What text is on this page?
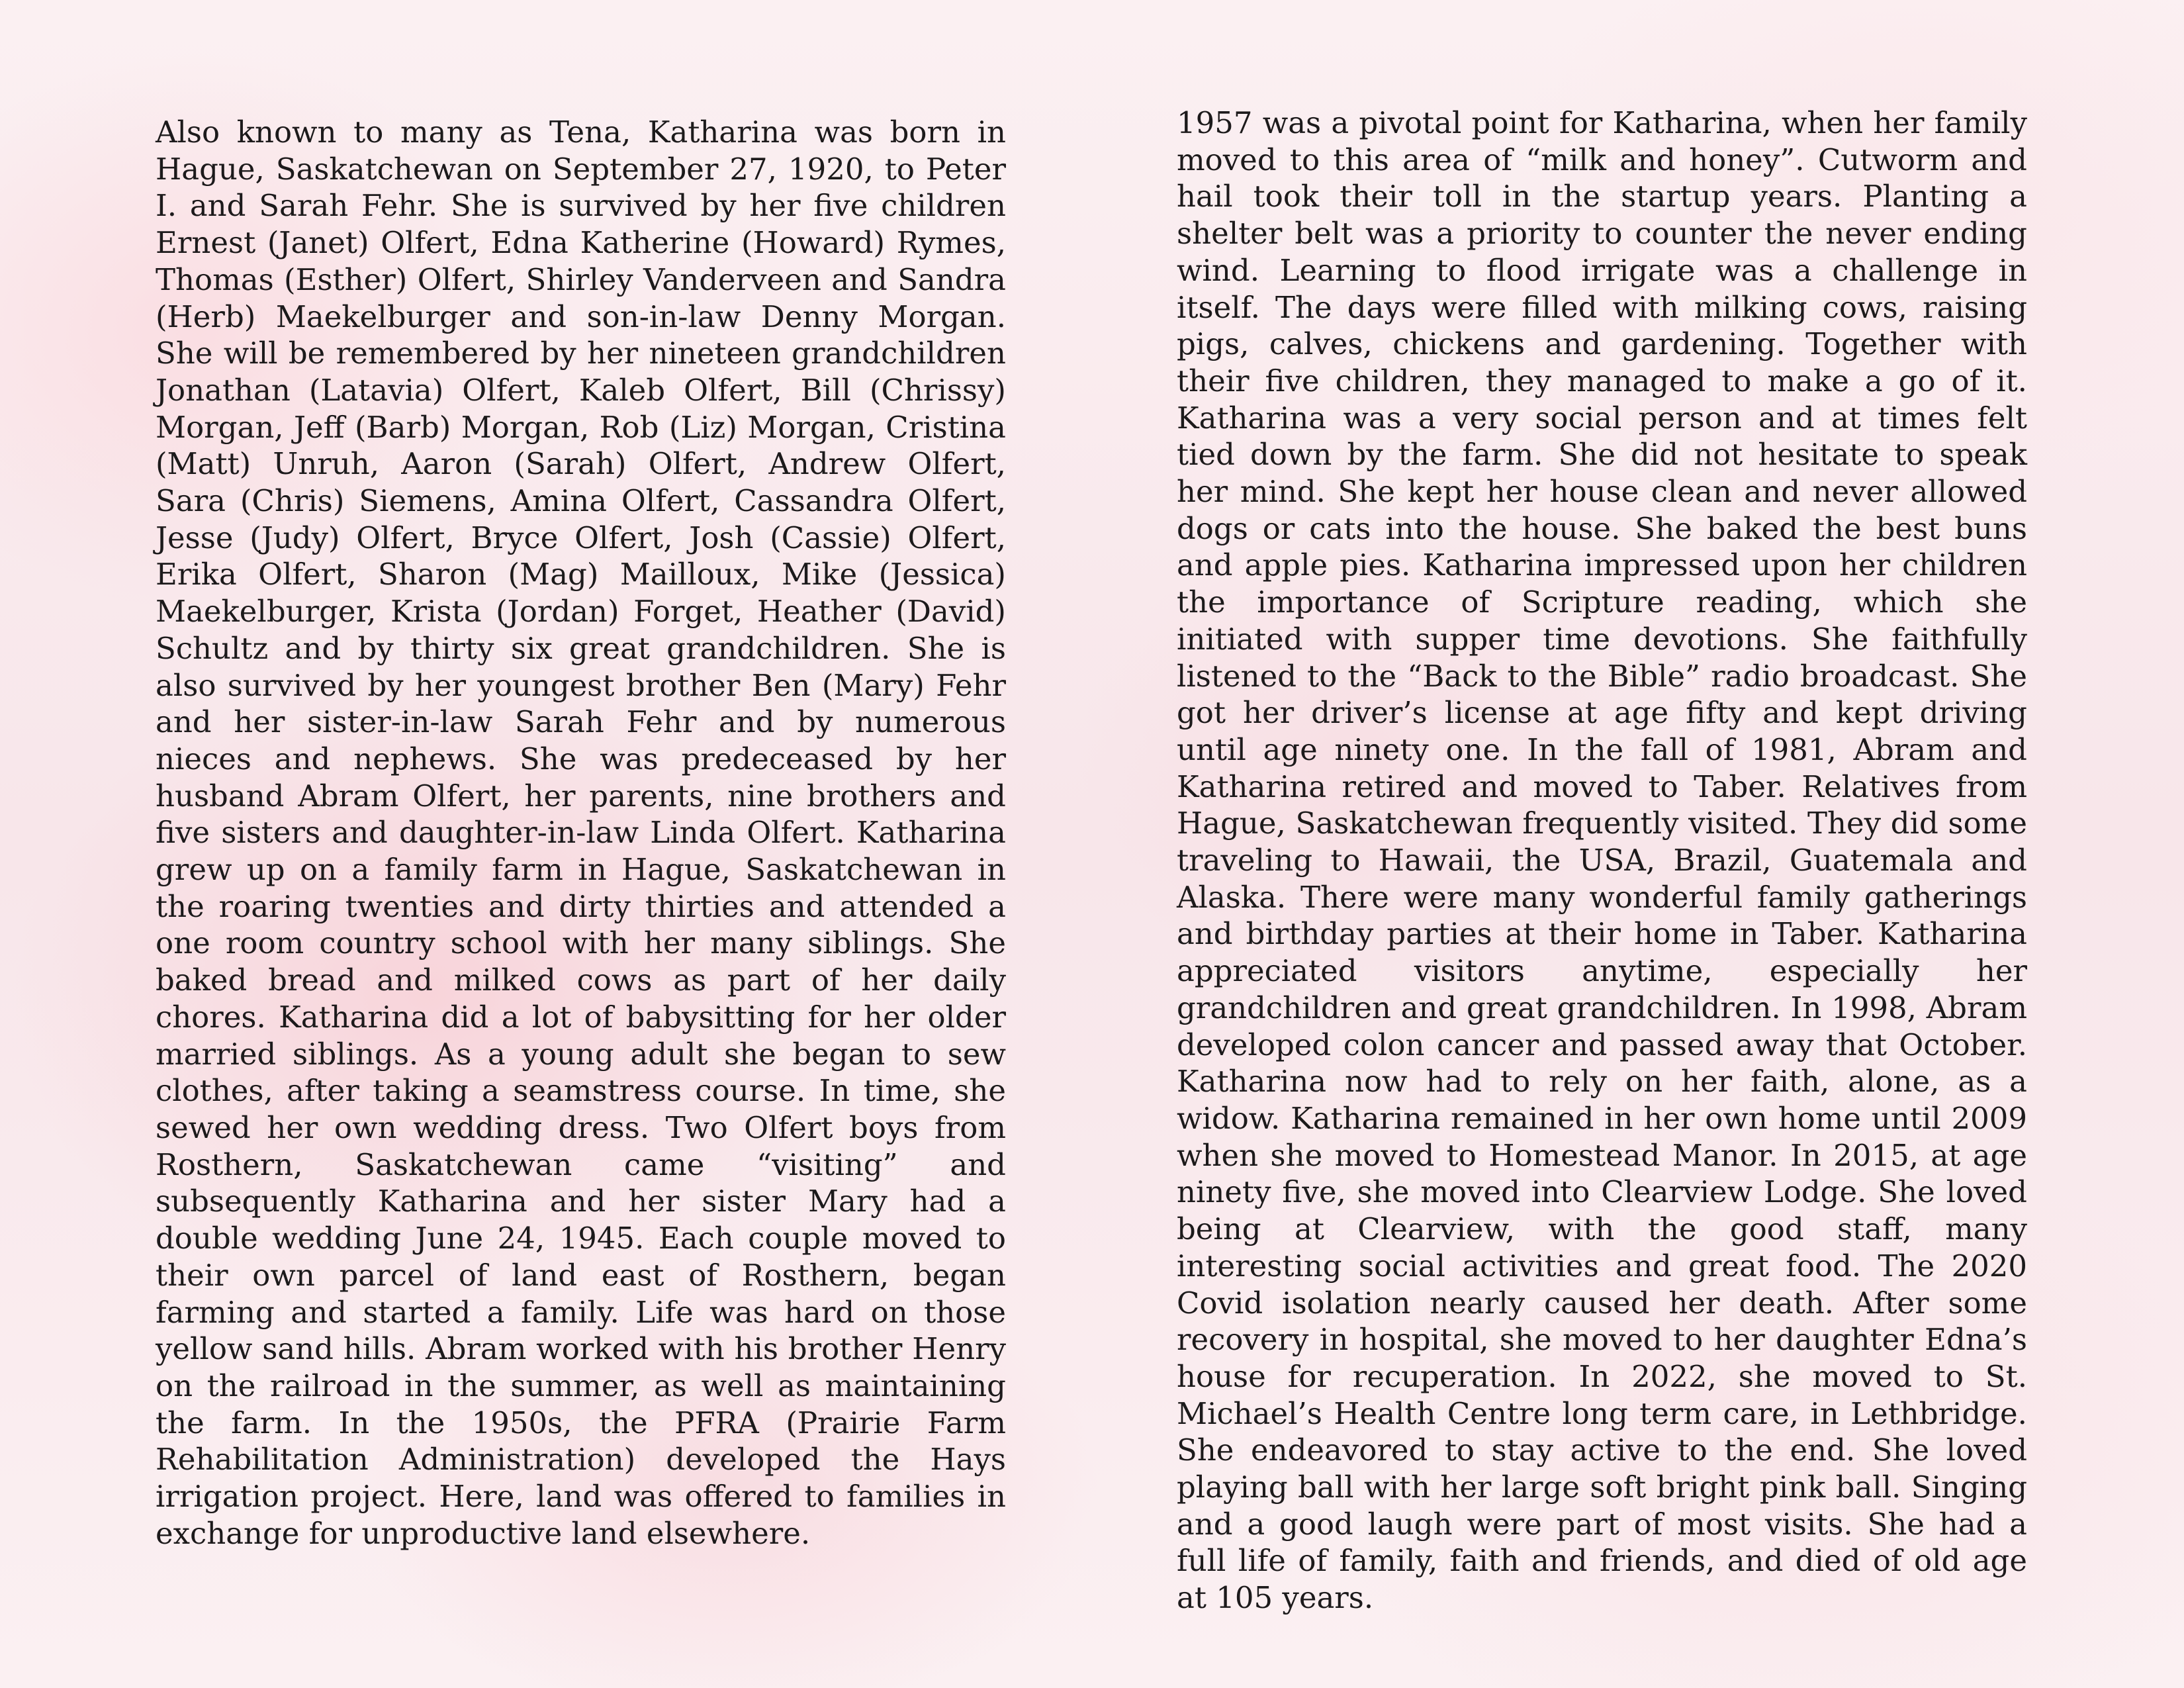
Also known to many as Tena, Katharina was born in Hague, Saskatchewan on September 27, 1920, to Peter I. and Sarah Fehr. She is survived by her five children Ernest (Janet) Olfert, Edna Katherine (Howard) Rymes, Thomas (Esther) Olfert, Shirley Vanderveen and Sandra (Herb) Maekelburger and son-in-law Denny Morgan. She will be remembered by her nineteen grandchildren Jonathan (Latavia) Olfert, Kaleb Olfert, Bill (Chrissy) Morgan, Jeff (Barb) Morgan, Rob (Liz) Morgan, Cristina (Matt) Unruh, Aaron (Sarah) Olfert, Andrew Olfert, Sara (Chris) Siemens, Amina Olfert, Cassandra Olfert, Jesse (Judy) Olfert, Bryce Olfert, Josh (Cassie) Olfert, Erika Olfert, Sharon (Mag) Mailloux, Mike (Jessica) Maekelburger, Krista (Jordan) Forget, Heather (David) Schultz and by thirty six great grandchildren. She is also survived by her youngest brother Ben (Mary) Fehr and her sister-in-law Sarah Fehr and by numerous nieces and nephews. She was predeceased by her husband Abram Olfert, her parents, nine brothers and five sisters and daughter-in-law Linda Olfert. Katharina grew up on a family farm in Hague, Saskatchewan in the roaring twenties and dirty thirties and attended a one room country school with her many siblings. She baked bread and milked cows as part of her daily chores. Katharina did a lot of babysitting for her older married siblings. As a young adult she began to sew clothes, after taking a seamstress course. In time, she sewed her own wedding dress. Two Olfert boys from Rosthern, Saskatchewan came “visiting” and subsequently Katharina and her sister Mary had a double wedding June 24, 1945. Each couple moved to their own parcel of land east of Rosthern, began farming and started a family. Life was hard on those yellow sand hills. Abram worked with his brother Henry on the railroad in the summer, as well as maintaining the farm. In the 1950s, the PFRA (Prairie Farm Rehabilitation Administration) developed the Hays irrigation project. Here, land was offered to families in exchange for unproductive land elsewhere.

1957 was a pivotal point for Katharina, when her family moved to this area of “milk and honey”. Cutworm and hail took their toll in the startup years. Planting a shelter belt was a priority to counter the never ending wind. Learning to flood irrigate was a challenge in itself. The days were filled with milking cows, raising pigs, calves, chickens and gardening. Together with their five children, they managed to make a go of it. Katharina was a very social person and at times felt tied down by the farm. She did not hesitate to speak her mind. She kept her house clean and never allowed dogs or cats into the house. She baked the best buns and apple pies. Katharina impressed upon her children the importance of Scripture reading, which she initiated with supper time devotions. She faithfully listened to the “Back to the Bible” radio broadcast. She got her driver’s license at age fifty and kept driving until age ninety one. In the fall of 1981, Abram and Katharina retired and moved to Taber. Relatives from Hague, Saskatchewan frequently visited. They did some traveling to Hawaii, the USA, Brazil, Guatemala and Alaska. There were many wonderful family gatherings and birthday parties at their home in Taber. Katharina appreciated visitors anytime, especially her grandchildren and great grandchildren. In 1998, Abram developed colon cancer and passed away that October. Katharina now had to rely on her faith, alone, as a widow. Katharina remained in her own home until 2009 when she moved to Homestead Manor. In 2015, at age ninety five, she moved into Clearview Lodge. She loved being at Clearview, with the good staff, many interesting social activities and great food. The 2020 Covid isolation nearly caused her death. After some recovery in hospital, she moved to her daughter Edna’s house for recuperation. In 2022, she moved to St. Michael’s Health Centre long term care, in Lethbridge. She endeavored to stay active to the end. She loved playing ball with her large soft bright pink ball. Singing and a good laugh were part of most visits. She had a full life of family, faith and friends, and died of old age at 105 years.
